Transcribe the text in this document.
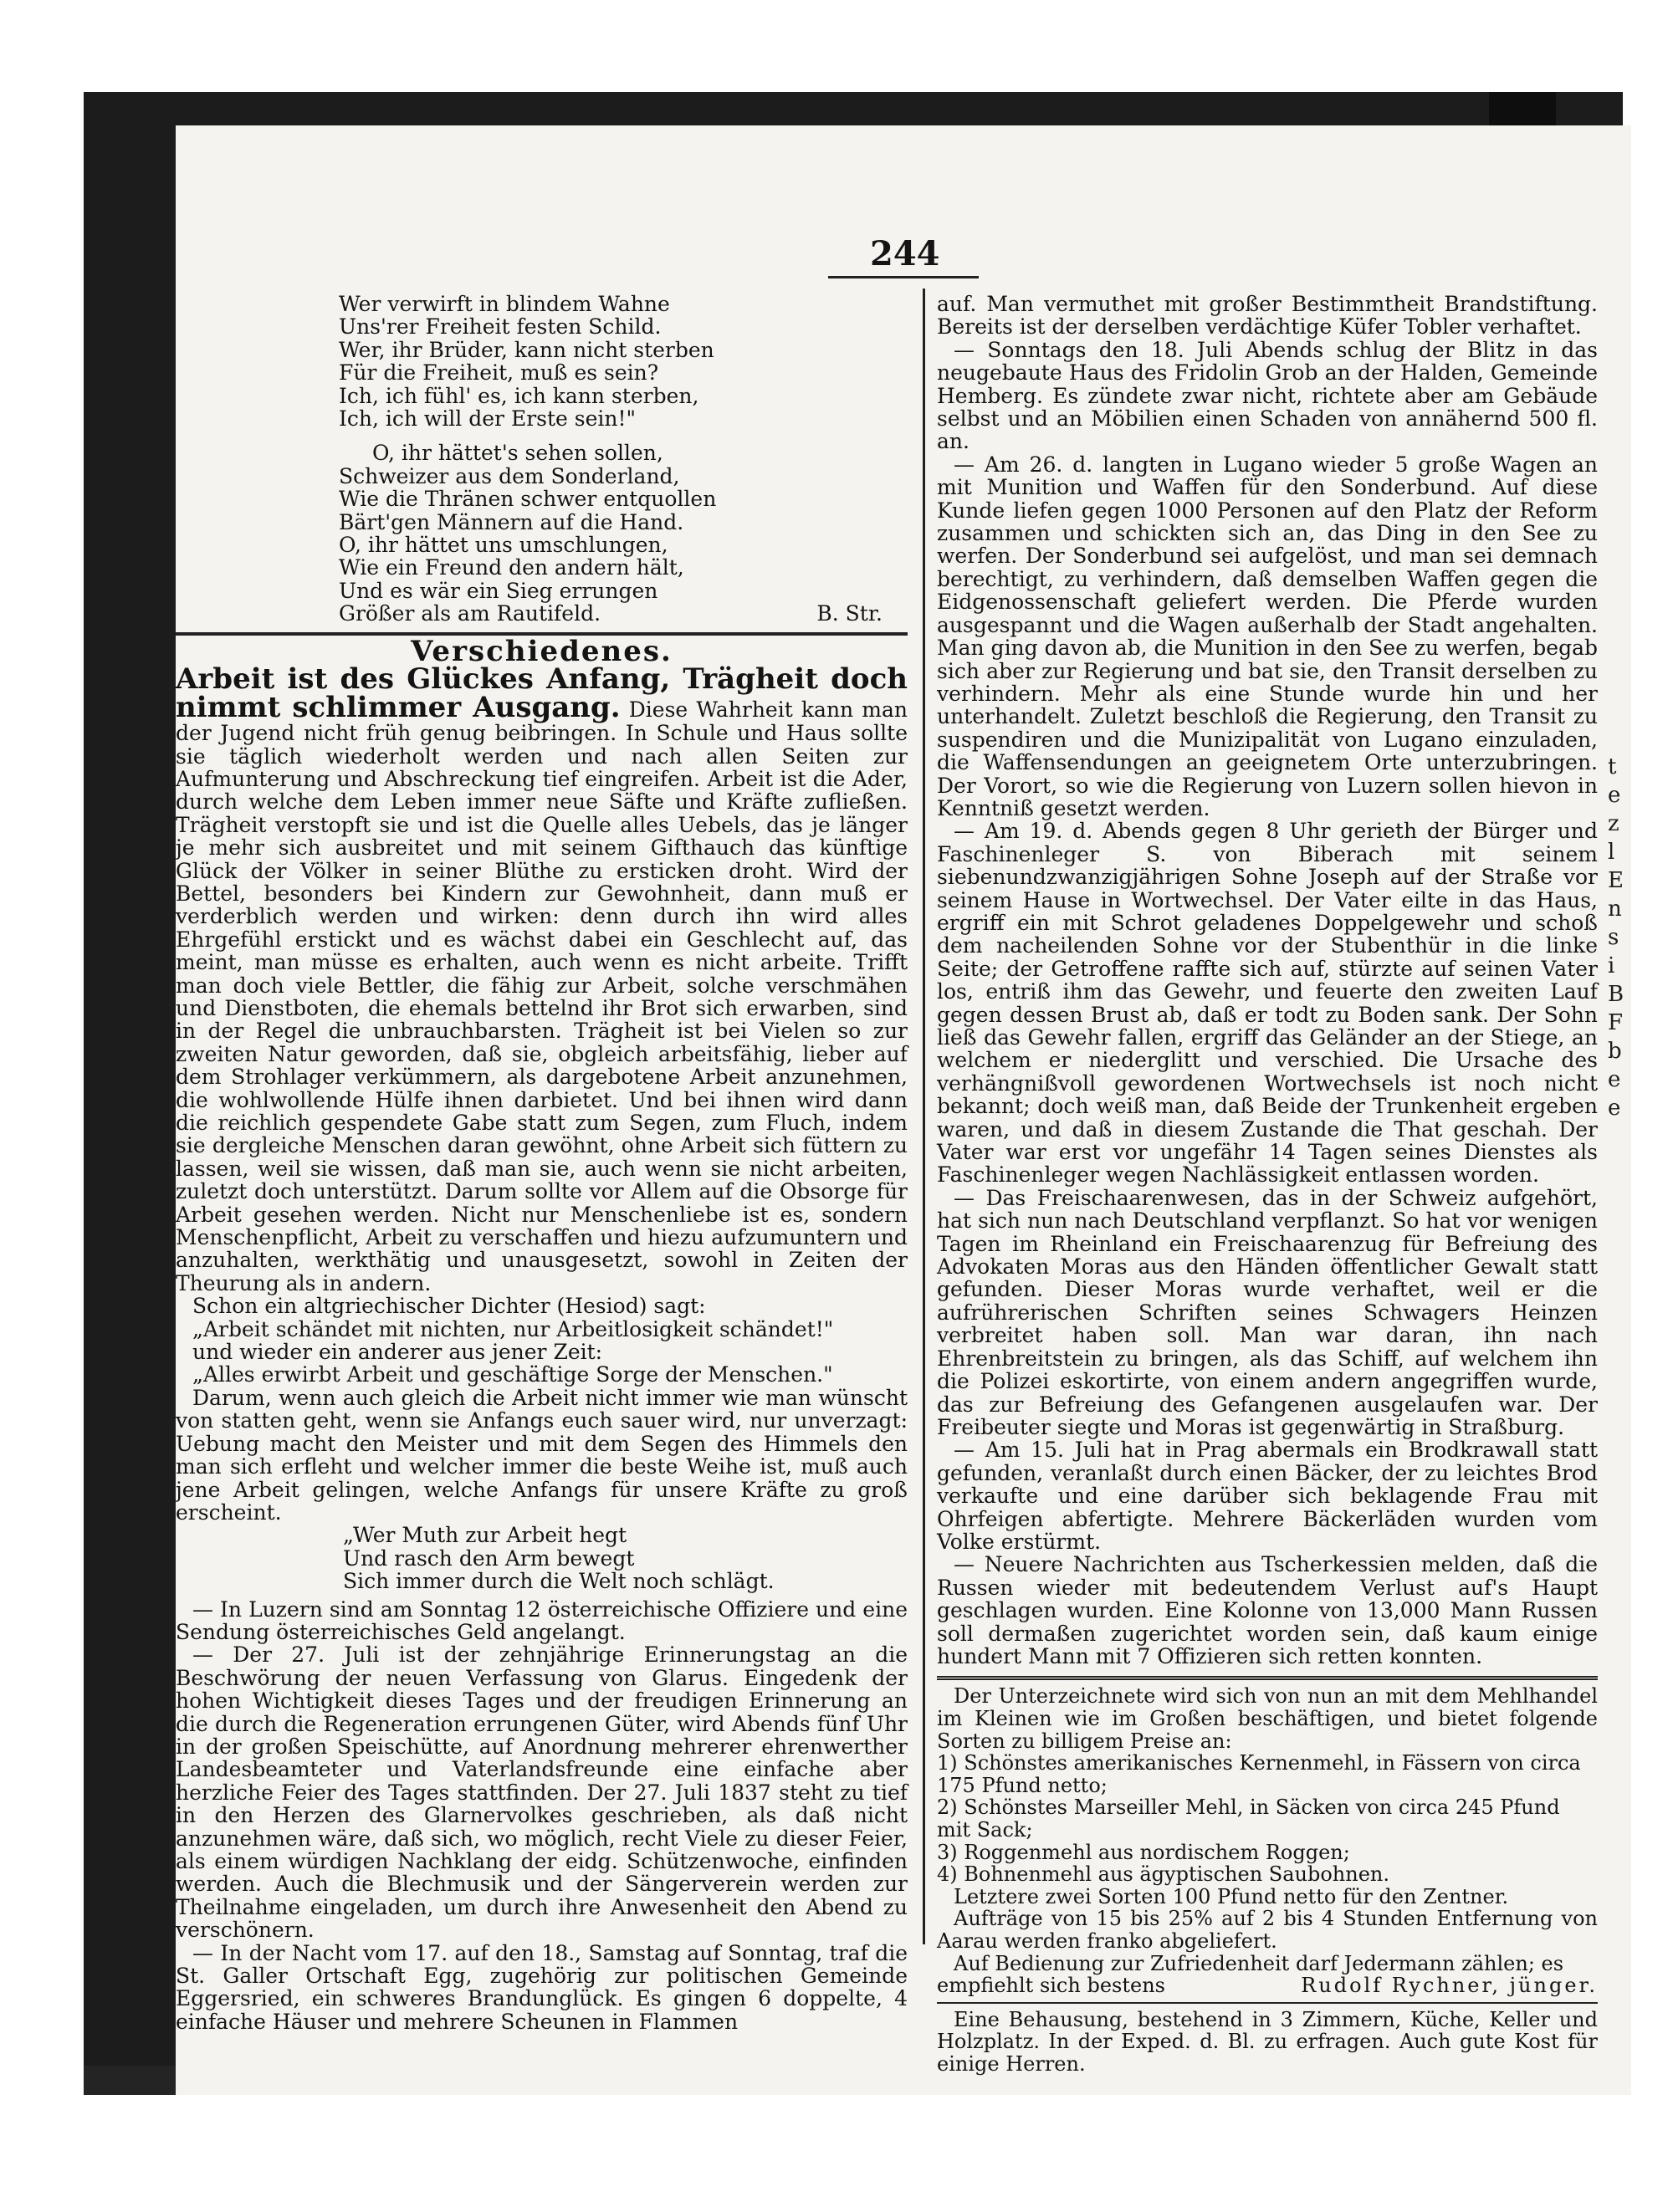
244
Wer verwirft in blindem Wahne
Uns'rer Freiheit festen Schild.
Wer, ihr Brüder, kann nicht sterben
Für die Freiheit, muß es sein?
Ich, ich fühl' es, ich kann sterben,
Ich, ich will der Erste sein!"
O, ihr hättet's sehen sollen,
Schweizer aus dem Sonderland,
Wie die Thränen schwer entquollen
Bärt'gen Männern auf die Hand.
O, ihr hättet uns umschlungen,
Wie ein Freund den andern hält,
Und es wär ein Sieg errungen
Größer als am Rautifeld.	B. Str.
Verschiedenes.

Arbeit ist des Glückes Anfang, Trägheit doch nimmt schlimmer Ausgang. Diese Wahrheit kann man der Jugend nicht früh genug beibringen. In Schule und Haus sollte sie täglich wiederholt werden und nach allen Seiten zur Aufmunterung und Abschreckung tief eingreifen. Arbeit ist die Ader, durch welche dem Leben immer neue Säfte und Kräfte zufließen. Trägheit verstopft sie und ist die Quelle alles Uebels, das je länger je mehr sich ausbreitet und mit seinem Gifthauch das künftige Glück der Völker in seiner Blüthe zu ersticken droht. Wird der Bettel, besonders bei Kindern zur Gewohnheit, dann muß er verderblich werden und wirken: denn durch ihn wird alles Ehrgefühl erstickt und es wächst dabei ein Geschlecht auf, das meint, man müsse es erhalten, auch wenn es nicht arbeite. Trifft man doch viele Bettler, die fähig zur Arbeit, solche verschmähen und Dienstboten, die ehemals bettelnd ihr Brot sich erwarben, sind in der Regel die unbrauchbarsten. Trägheit ist bei Vielen so zur zweiten Natur geworden, daß sie, obgleich arbeitsfähig, lieber auf dem Strohlager verkümmern, als dargebotene Arbeit anzunehmen, die wohlwollende Hülfe ihnen darbietet. Und bei ihnen wird dann die reichlich gespendete Gabe statt zum Segen, zum Fluch, indem sie dergleiche Menschen daran gewöhnt, ohne Arbeit sich füttern zu lassen, weil sie wissen, daß man sie, auch wenn sie nicht arbeiten, zuletzt doch unterstützt. Darum sollte vor Allem auf die Obsorge für Arbeit gesehen werden. Nicht nur Menschenliebe ist es, sondern Menschenpflicht, Arbeit zu verschaffen und hiezu aufzumuntern und anzuhalten, werkthätig und unausgesetzt, sowohl in Zeiten der Theurung als in andern.

Schon ein altgriechischer Dichter (Hesiod) sagt:

„Arbeit schändet mit nichten, nur Arbeitlosigkeit schändet!"

und wieder ein anderer aus jener Zeit:

„Alles erwirbt Arbeit und geschäftige Sorge der Menschen."

Darum, wenn auch gleich die Arbeit nicht immer wie man wünscht von statten geht, wenn sie Anfangs euch sauer wird, nur unverzagt: Uebung macht den Meister und mit dem Segen des Himmels den man sich erfleht und welcher immer die beste Weihe ist, muß auch jene Arbeit gelingen, welche Anfangs für unsere Kräfte zu groß erscheint.

„Wer Muth zur Arbeit hegt
Und rasch den Arm bewegt
Sich immer durch die Welt noch schlägt.

— In Luzern sind am Sonntag 12 österreichische Offiziere und eine Sendung österreichisches Geld angelangt.

— Der 27. Juli ist der zehnjährige Erinnerungstag an die Beschwörung der neuen Verfassung von Glarus. Eingedenk der hohen Wichtigkeit dieses Tages und der freudigen Erinnerung an die durch die Regeneration errungenen Güter, wird Abends fünf Uhr in der großen Speischütte, auf Anordnung mehrerer ehrenwerther Landesbeamteter und Vaterlandsfreunde eine einfache aber herzliche Feier des Tages stattfinden. Der 27. Juli 1837 steht zu tief in den Herzen des Glarnervolkes geschrieben, als daß nicht anzunehmen wäre, daß sich, wo möglich, recht Viele zu dieser Feier, als einem würdigen Nachklang der eidg. Schützenwoche, einfinden werden. Auch die Blechmusik und der Sängerverein werden zur Theilnahme eingeladen, um durch ihre Anwesenheit den Abend zu verschönern.

— In der Nacht vom 17. auf den 18., Samstag auf Sonntag, traf die St. Galler Ortschaft Egg, zugehörig zur politischen Gemeinde Eggersried, ein schweres Brandunglück. Es gingen 6 doppelte, 4 einfache Häuser und mehrere Scheunen in Flammen

auf. Man vermuthet mit großer Bestimmtheit Brandstiftung. Bereits ist der derselben verdächtige Küfer Tobler verhaftet.

— Sonntags den 18. Juli Abends schlug der Blitz in das neugebaute Haus des Fridolin Grob an der Halden, Gemeinde Hemberg. Es zündete zwar nicht, richtete aber am Gebäude selbst und an Möbilien einen Schaden von annähernd 500 fl. an.

— Am 26. d. langten in Lugano wieder 5 große Wagen an mit Munition und Waffen für den Sonderbund. Auf diese Kunde liefen gegen 1000 Personen auf den Platz der Reform zusammen und schickten sich an, das Ding in den See zu werfen. Der Sonderbund sei aufgelöst, und man sei demnach berechtigt, zu verhindern, daß demselben Waffen gegen die Eidgenossenschaft geliefert werden. Die Pferde wurden ausgespannt und die Wagen außerhalb der Stadt angehalten. Man ging davon ab, die Munition in den See zu werfen, begab sich aber zur Regierung und bat sie, den Transit derselben zu verhindern. Mehr als eine Stunde wurde hin und her unterhandelt. Zuletzt beschloß die Regierung, den Transit zu suspendiren und die Munizipalität von Lugano einzuladen, die Waffensendungen an geeignetem Orte unterzubringen. Der Vorort, so wie die Regierung von Luzern sollen hievon in Kenntniß gesetzt werden.

— Am 19. d. Abends gegen 8 Uhr gerieth der Bürger und Faschinenleger S. von Biberach mit seinem siebenundzwanzigjährigen Sohne Joseph auf der Straße vor seinem Hause in Wortwechsel. Der Vater eilte in das Haus, ergriff ein mit Schrot geladenes Doppelgewehr und schoß dem nacheilenden Sohne vor der Stubenthür in die linke Seite; der Getroffene raffte sich auf, stürzte auf seinen Vater los, entriß ihm das Gewehr, und feuerte den zweiten Lauf gegen dessen Brust ab, daß er todt zu Boden sank. Der Sohn ließ das Gewehr fallen, ergriff das Geländer an der Stiege, an welchem er niederglitt und verschied. Die Ursache des verhängnißvoll gewordenen Wortwechsels ist noch nicht bekannt; doch weiß man, daß Beide der Trunkenheit ergeben waren, und daß in diesem Zustande die That geschah. Der Vater war erst vor ungefähr 14 Tagen seines Dienstes als Faschinenleger wegen Nachlässigkeit entlassen worden.

— Das Freischaarenwesen, das in der Schweiz aufgehört, hat sich nun nach Deutschland verpflanzt. So hat vor wenigen Tagen im Rheinland ein Freischaarenzug für Befreiung des Advokaten Moras aus den Händen öffentlicher Gewalt statt gefunden. Dieser Moras wurde verhaftet, weil er die aufrührerischen Schriften seines Schwagers Heinzen verbreitet haben soll. Man war daran, ihn nach Ehrenbreitstein zu bringen, als das Schiff, auf welchem ihn die Polizei eskortirte, von einem andern angegriffen wurde, das zur Befreiung des Gefangenen ausgelaufen war. Der Freibeuter siegte und Moras ist gegenwärtig in Straßburg.

— Am 15. Juli hat in Prag abermals ein Brodkrawall statt gefunden, veranlaßt durch einen Bäcker, der zu leichtes Brod verkaufte und eine darüber sich beklagende Frau mit Ohrfeigen abfertigte. Mehrere Bäckerläden wurden vom Volke erstürmt.

— Neuere Nachrichten aus Tscherkessien melden, daß die Russen wieder mit bedeutendem Verlust auf's Haupt geschlagen wurden. Eine Kolonne von 13,000 Mann Russen soll dermaßen zugerichtet worden sein, daß kaum einige hundert Mann mit 7 Offizieren sich retten konnten.

Der Unterzeichnete wird sich von nun an mit dem Mehlhandel im Kleinen wie im Großen beschäftigen, und bietet folgende Sorten zu billigem Preise an:

1) Schönstes amerikanisches Kernenmehl, in Fässern von circa 175 Pfund netto;
2) Schönstes Marseiller Mehl, in Säcken von circa 245 Pfund mit Sack;
3) Roggenmehl aus nordischem Roggen;
4) Bohnenmehl aus ägyptischen Saubohnen.

Letztere zwei Sorten 100 Pfund netto für den Zentner.

Aufträge von 15 bis 25% auf 2 bis 4 Stunden Entfernung von Aarau werden franko abgeliefert.

Auf Bedienung zur Zufriedenheit darf Jedermann zählen; es

empfiehlt sich bestens	Rudolf Rychner, jünger.

Eine Behausung, bestehend in 3 Zimmern, Küche, Keller und Holzplatz. In der Exped. d. Bl. zu erfragen. Auch gute Kost für einige Herren.

t
e
z
l
E
n
s
i
B
F
b
e
e
